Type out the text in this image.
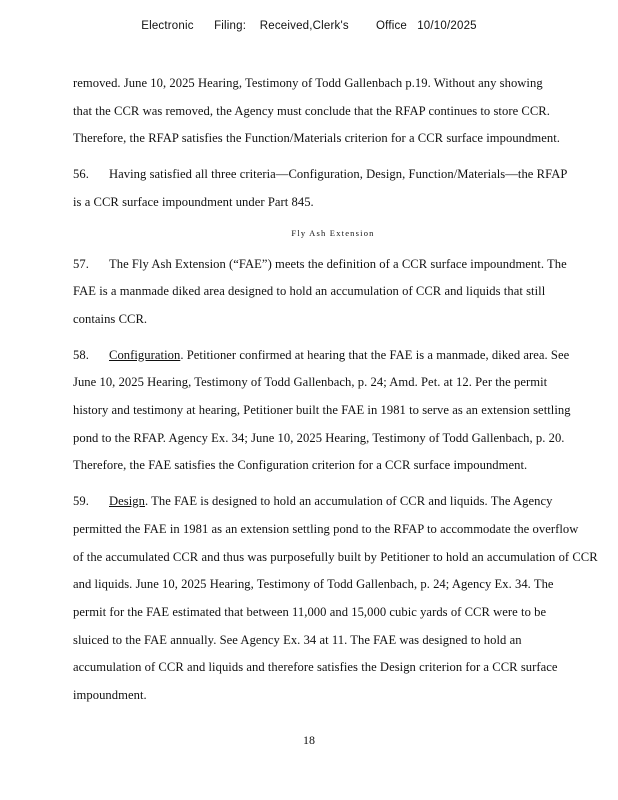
Electronic      Filing:    Received,Clerk's        Office   10/10/2025

removed. June 10, 2025 Hearing, Testimony of Todd Gallenbach p.19. Without any showing
that the CCR was removed, the Agency must conclude that the RFAP continues to store CCR.
Therefore, the RFAP satisfies the Function/Materials criterion for a CCR surface impoundment.

56. Having satisfied all three criteria—Configuration, Design, Function/Materials—the RFAP
is a CCR surface impoundment under Part 845.

Fly Ash Extension

57. The Fly Ash Extension (“FAE”) meets the definition of a CCR surface impoundment. The
FAE is a manmade diked area designed to hold an accumulation of CCR and liquids that still
contains CCR.

58. Configuration. Petitioner confirmed at hearing that the FAE is a manmade, diked area. See
June 10, 2025 Hearing, Testimony of Todd Gallenbach, p. 24; Amd. Pet. at 12. Per the permit
history and testimony at hearing, Petitioner built the FAE in 1981 to serve as an extension settling
pond to the RFAP. Agency Ex. 34; June 10, 2025 Hearing, Testimony of Todd Gallenbach, p. 20.
Therefore, the FAE satisfies the Configuration criterion for a CCR surface impoundment.

59. Design. The FAE is designed to hold an accumulation of CCR and liquids. The Agency
permitted the FAE in 1981 as an extension settling pond to the RFAP to accommodate the overflow
of the accumulated CCR and thus was purposefully built by Petitioner to hold an accumulation of CCR
and liquids. June 10, 2025 Hearing, Testimony of Todd Gallenbach, p. 24; Agency Ex. 34. The
permit for the FAE estimated that between 11,000 and 15,000 cubic yards of CCR were to be
sluiced to the FAE annually. See Agency Ex. 34 at 11. The FAE was designed to hold an
accumulation of CCR and liquids and therefore satisfies the Design criterion for a CCR surface
impoundment.

18
